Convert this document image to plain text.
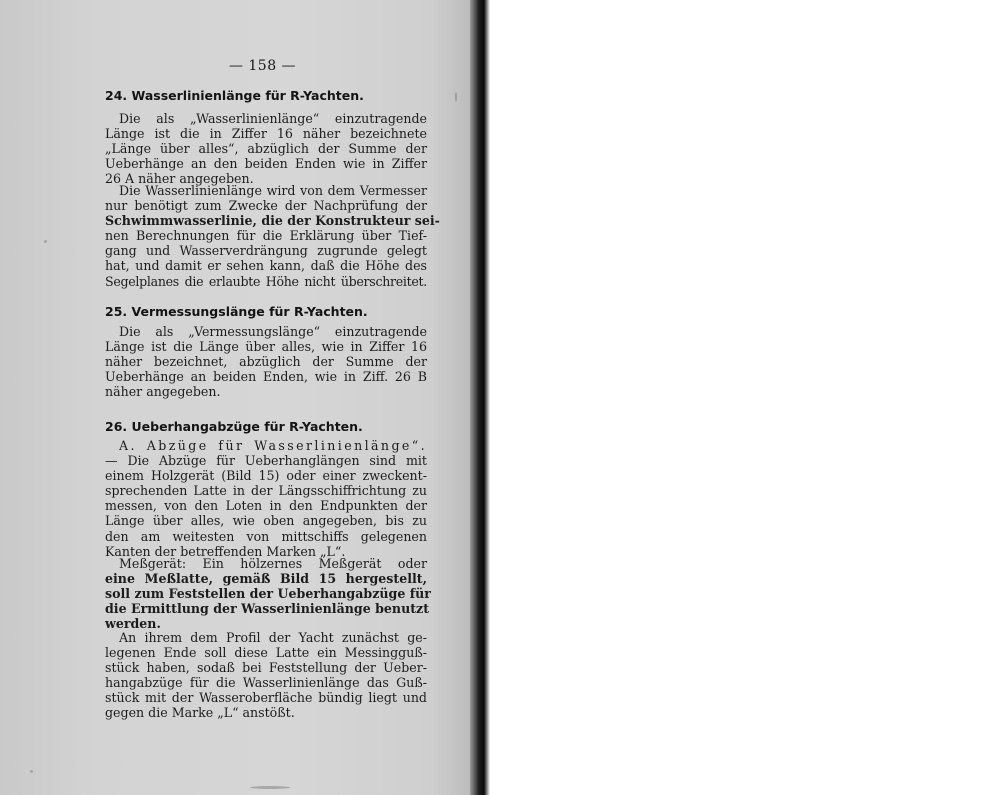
— 158 —
24. Wasserlinienlänge für R-Yachten.
Die als „Wasserlinienlänge“ einzutragende
Länge ist die in Ziffer 16 näher bezeichnete
„Länge über alles“, abzüglich der Summe der
Ueberhänge an den beiden Enden wie in Ziffer
26 A näher angegeben.
Die Wasserlinienlänge wird von dem Vermesser
nur benötigt zum Zwecke der Nachprüfung der
Schwimmwasserlinie, die der Konstrukteur sei-
nen Berechnungen für die Erklärung über Tief-
gang und Wasserverdrängung zugrunde gelegt
hat, und damit er sehen kann, daß die Höhe des
Segelplanes die erlaubte Höhe nicht überschreitet.
25. Vermessungslänge für R-Yachten.
Die als „Vermessungslänge“ einzutragende
Länge ist die Länge über alles, wie in Ziffer 16
näher bezeichnet, abzüglich der Summe der
Ueberhänge an beiden Enden, wie in Ziff. 26 B
näher angegeben.
26. Ueberhangabzüge für R-Yachten.
A. Abzüge für Wasserlinienlänge“.
— Die Abzüge für Ueberhanglängen sind mit
einem Holzgerät (Bild 15) oder einer zweckent-
sprechenden Latte in der Längsschiffrichtung zu
messen, von den Loten in den Endpunkten der
Länge über alles, wie oben angegeben, bis zu
den am weitesten von mittschiffs gelegenen
Kanten der betreffenden Marken „L“.
Meßgerät: Ein hölzernes Meßgerät oder
eine Meßlatte, gemäß Bild 15 hergestellt,
soll zum Feststellen der Ueberhangabzüge für
die Ermittlung der Wasserlinienlänge benutzt
werden.
An ihrem dem Profil der Yacht zunächst ge-
legenen Ende soll diese Latte ein Messingguß-
stück haben, sodaß bei Feststellung der Ueber-
hangabzüge für die Wasserlinienlänge das Guß-
stück mit der Wasseroberfläche bündig liegt und
gegen die Marke „L“ anstößt.
